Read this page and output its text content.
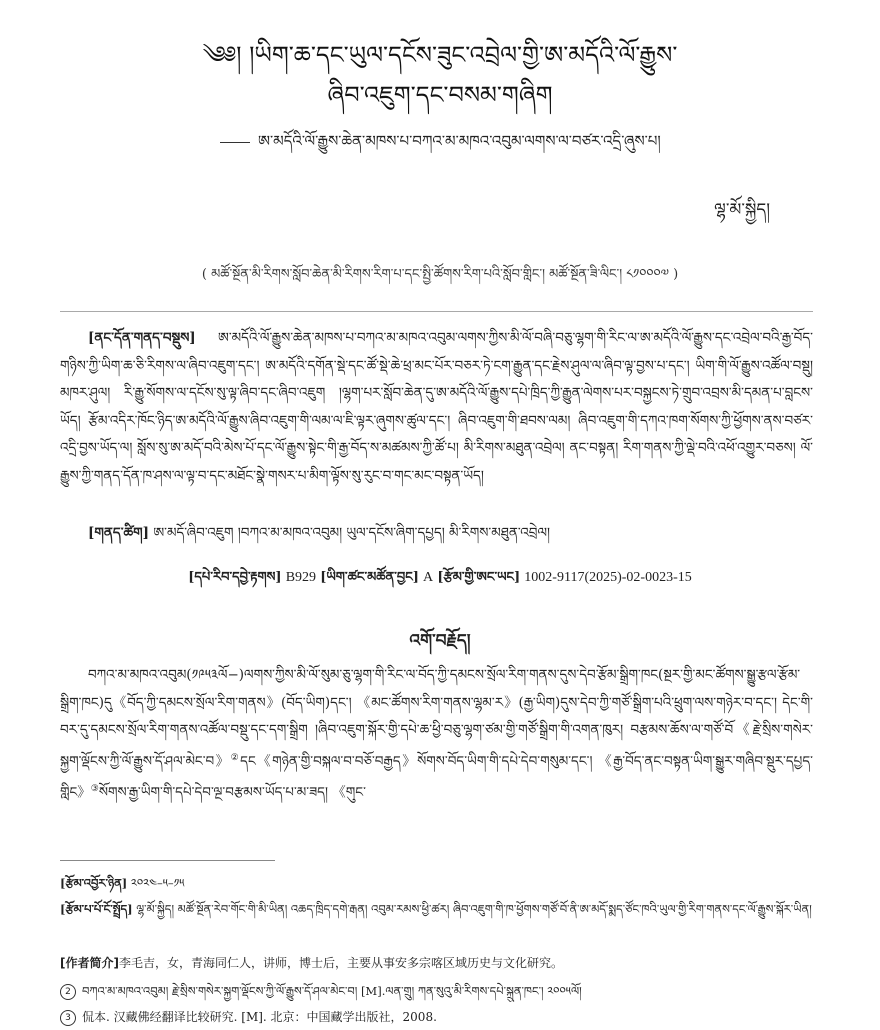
༄༅། །ཡིག་ཆ་དང་ཡུལ་དངོས་ཟུང་འབྲེལ་གྱི་ཨ་མདོའི་ལོ་རྒྱུས་
ཞིབ་འཇུག་དང་བསམ་གཞིག
ཨ་མདོའི་ལོ་རྒྱུས་ཆེན་མཁས་པ་བཀའ་མ་མཁའ་འབུམ་ལགས་ལ་བཙར་འདྲི་ཞུས་པ།
ལྷ་མོ་སྐྱིད།
( མཚོ་སྔོན་མི་རིགས་སློབ་ཆེན་མི་རིགས་རིག་པ་དང་སྤྱི་ཚོགས་རིག་པའི་སློབ་གླིང་། མཚོ་སྔོན་ཟི་ལིང་། ༨༡༠༠༠༧ )
[ནང་དོན་གནད་བསྡུས] ཨ་མདོའི་ལོ་རྒྱུས་ཆེན་མཁས་པ་བཀའ་མ་མཁའ་འབུམ་ལགས་ཀྱིས་མི་ལོ་བཞི་བཅུ་ལྷག་གི་རིང་ལ་ཨ་མདོའི་ལོ་རྒྱུས་དང་འབྲེལ་བའི་རྒྱ་བོད་གཉིས་ཀྱི་ཡིག་ཆ་ཅི་རིགས་ལ་ཞིབ་འཇུག་དང་། ཨ་མདོའི་དགོན་སྡེ་དང་ཚོ་སྡེ་ཆེ་ཕྲ་མང་པོར་བཅར་ཏེ་ངག་རྒྱུན་དང་རྗེས་ཤུལ་ལ་ཞིབ་ལྟ་བྱས་པ་དང་། ཡིག་གི་ལོ་རྒྱུས་འཚོལ་བསྡུ། མཁར་ཤུལ། རི་རྒྱུ་སོགས་ལ་དངོས་སུ་ལྟ་ཞིབ་དང་ཞིབ་འཇུག །ལྷག་པར་སློབ་ཆེན་དུ་ཨ་མདོའི་ལོ་རྒྱུས་དཔེ་ཁྲིད་ཀྱི་རྒྱུན་ལེགས་པར་བསྐྱངས་ཏེ་གྲུབ་འབྲས་མི་དམན་པ་བླངས་ཡོད། རྩོམ་འདིར་ཁོང་ཉིད་ཨ་མདོའི་ལོ་རྒྱུས་ཞིབ་འཇུག་གི་ལམ་ལ་ཇི་ལྟར་ཞུགས་ཚུལ་དང་། ཞིབ་འཇུག་གི་ཐབས་ལམ། ཞིབ་འཇུག་གི་དཀའ་ཁག་སོགས་ཀྱི་ཕྱོགས་ནས་བཙར་འདྲི་བྱས་ཡོད་ལ། སློས་སུ་ཨ་མདོ་བའི་མེས་པོ་དང་ལོ་རྒྱུས་སྟེང་གི་རྒྱ་བོད་ས་མཚམས་ཀྱི་ཚོ་པ། མི་རིགས་མཐུན་འབྲེལ། ནང་བསྟན། རིག་གནས་ཀྱི་ལྡེ་བའི་འཕོ་འགྱུར་བཅས། ལོ་རྒྱུས་ཀྱི་གནད་དོན་ཁ་ཤས་ལ་ལྟ་བ་དང་མཐོང་སྣེ་གསར་པ་མིག་ལྟོས་སུ་རུང་བ་གང་མང་བསྟན་ཡོད།
[གནད་ཚིག] ཨ་མདོ་ཞིབ་འཇུག །བཀའ་མ་མཁའ་འབུམ། ཡུལ་དངོས་ཞིག་དཔྱད། མི་རིགས་མཐུན་འབྲེལ།
[དཔེ་རིབ་དབྱེ་རྟགས] B929 [ཡིག་ཚང་མཚོན་བྱང] A [རྩོམ་གྱི་ཨང་ཡང] 1002-9117(2025)-02-0023-15
འགོ་བརྗོད།
བཀའ་མ་མཁའ་འབུམ(༡༩༥༣ལོ−)ལགས་ཀྱིས་མི་ལོ་སུམ་ཅུ་ལྷག་གི་རིང་ལ་བོད་ཀྱི་དམངས་སྲོལ་རིག་གནས་དུས་དེབ་རྩོམ་སྒྲིག་ཁང(སྔར་གྱི་མང་ཚོགས་སྒྱུ་རྩལ་རྩོམ་སྒྲིག་ཁང)དུ《བོད་ཀྱི་དམངས་སྲོལ་རིག་གནས》(བོད་ཡིག)དང་། 《མང་ཚོགས་རིག་གནས་ལྷམ་ར》(རྒྱ་ཡིག)དུས་དེབ་ཀྱི་གཙོ་སྒྲིག་པའི་ཕྲུག་ལས་གཉེར་བ་དང་། དེང་གི་བར་དུ་དམངས་སྲོལ་རིག་གནས་འཚོལ་བསྡུ་དང་དག་སྒྲིག །ཞིབ་འཇུག་སྐོར་གྱི་དཔེ་ཆ་ཕྱི་བཅུ་ལྷག་ཙམ་གྱི་གཙོ་སྒྲིག་གི་འགན་ཁུར། བརྩམས་ཆོས་ལ་གཙོ་བོ《རྗེ་སྲིས་གསེར་སྐྱག་ལྡོངས་ཀྱི་ལོ་རྒྱུས་དོ་ཤལ་མེང་བ》②དང《གཉེན་གྱི་བསྐལ་བ་བཅོ་བརྒྱད》སོགས་བོད་ཡིག་གི་དཔེ་དེབ་གསུམ་དང་། 《རྒྱ་བོད་ནང་བསྟན་ཡིག་སྒྱུར་གཞིབ་སྡུར་དཔྱད་གླིང》③སོགས་རྒྱ་ཡིག་གི་དཔེ་དེབ་ལྔ་བརྩམས་ཡོད་པ་མ་ཟད། 《གུང་
[རྩོམ་འབྱོར་ཉིན] ༢༠༢༤–༥–༡༥
[རྩོམ་པ་པོ་ངོ་སྤྲོད] ལྷ་མོ་སྐྱིད། མཚོ་སྔོན་རེབ་གོང་གི་མི་ཡིན། འཆད་ཁྲིད་དགེ་རྒན། འབུམ་རམས་ཕྱི་ཚར། ཞིབ་འཇུག་གི་ཁ་ཕྱོགས་གཙོ་བོ་ནི་ཨ་མདོ་སྨད་ཙོང་ཁའི་ཡུལ་གྱི་རིག་གནས་དང་ལོ་རྒྱུས་སྐོར་ཡིན།
[作者简介]李毛吉，女，青海同仁人，讲师，博士后，主要从事安多宗喀区域历史与文化研究。
2 བཀའ་མ་མཁའ་འབུམ། རྗེ་སྲིས་གསེར་སྐྱག་ལྡོངས་ཀྱི་ལོ་རྒྱུས་དོ་ཤལ་མེང་བ། [M].ལན་གྲུ། ཀན་སུའུ་མི་རིགས་དཔེ་སྐྲུན་ཁང་། ༢༠༠༥ལོ།
3 侃本. 汉藏佛经翻译比较研究. [M]. 北京：中国藏学出版社，2008.
